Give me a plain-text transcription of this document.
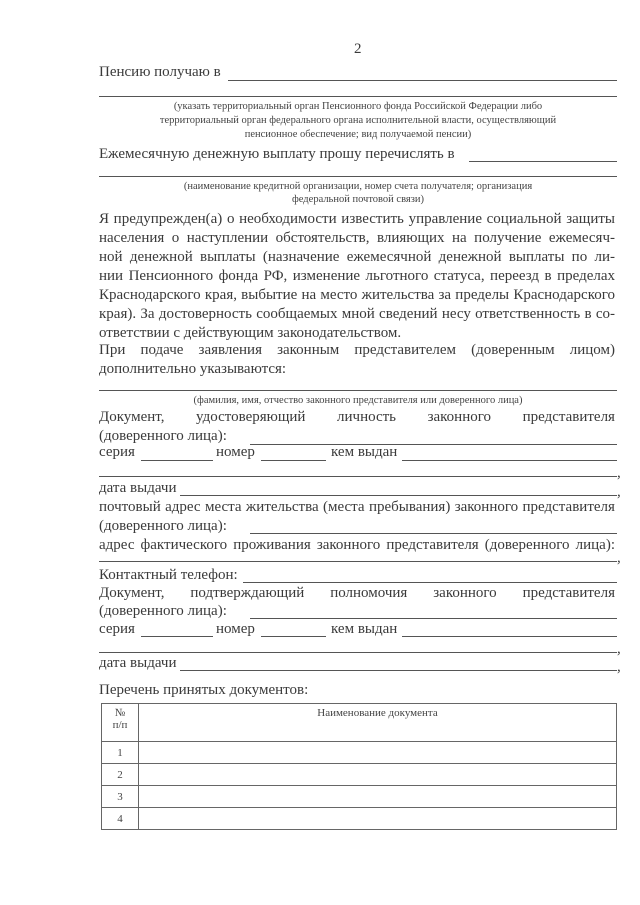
2
Пенсию получаю в
(указать территориальный орган Пенсионного фонда Российской Федерации либо
территориальный орган федерального органа исполнительной власти, осуществляющий
пенсионное обеспечение; вид получаемой пенсии)
Ежемесячную денежную выплату прошу перечислять в
(наименование кредитной организации, номер счета получателя; организация
федеральной почтовой связи)
Я предупрежден(а) о необходимости известить управление социальной защиты
населения о наступлении обстоятельств, влияющих на получение ежемесяч-
ной денежной выплаты (назначение ежемесячной денежной выплаты по ли-
нии Пенсионного фонда РФ, изменение льготного статуса, переезд в пределах
Краснодарского края, выбытие на место жительства за пределы Краснодарского
края). За достоверность сообщаемых мной сведений несу ответственность в со-
ответствии с действующим законодательством.
При подаче заявления законным представителем (доверенным лицом)
дополнительно указываются:
(фамилия, имя, отчество законного представителя или доверенного лица)
Документ, удостоверяющий личность законного представителя
(доверенного лица):
серия	номер	кем выдан
,
дата выдачи	,
почтовый адрес места жительства (места пребывания) законного представителя
(доверенного лица):
адрес фактического проживания законного представителя (доверенного лица):
,
Контактный телефон:
Документ, подтверждающий полномочия законного представителя
(доверенного лица):
серия	номер	кем выдан
,
дата выдачи	,
Перечень принятых документов:
№
п/п	Наименование документа
1	
2	
3	
4	
